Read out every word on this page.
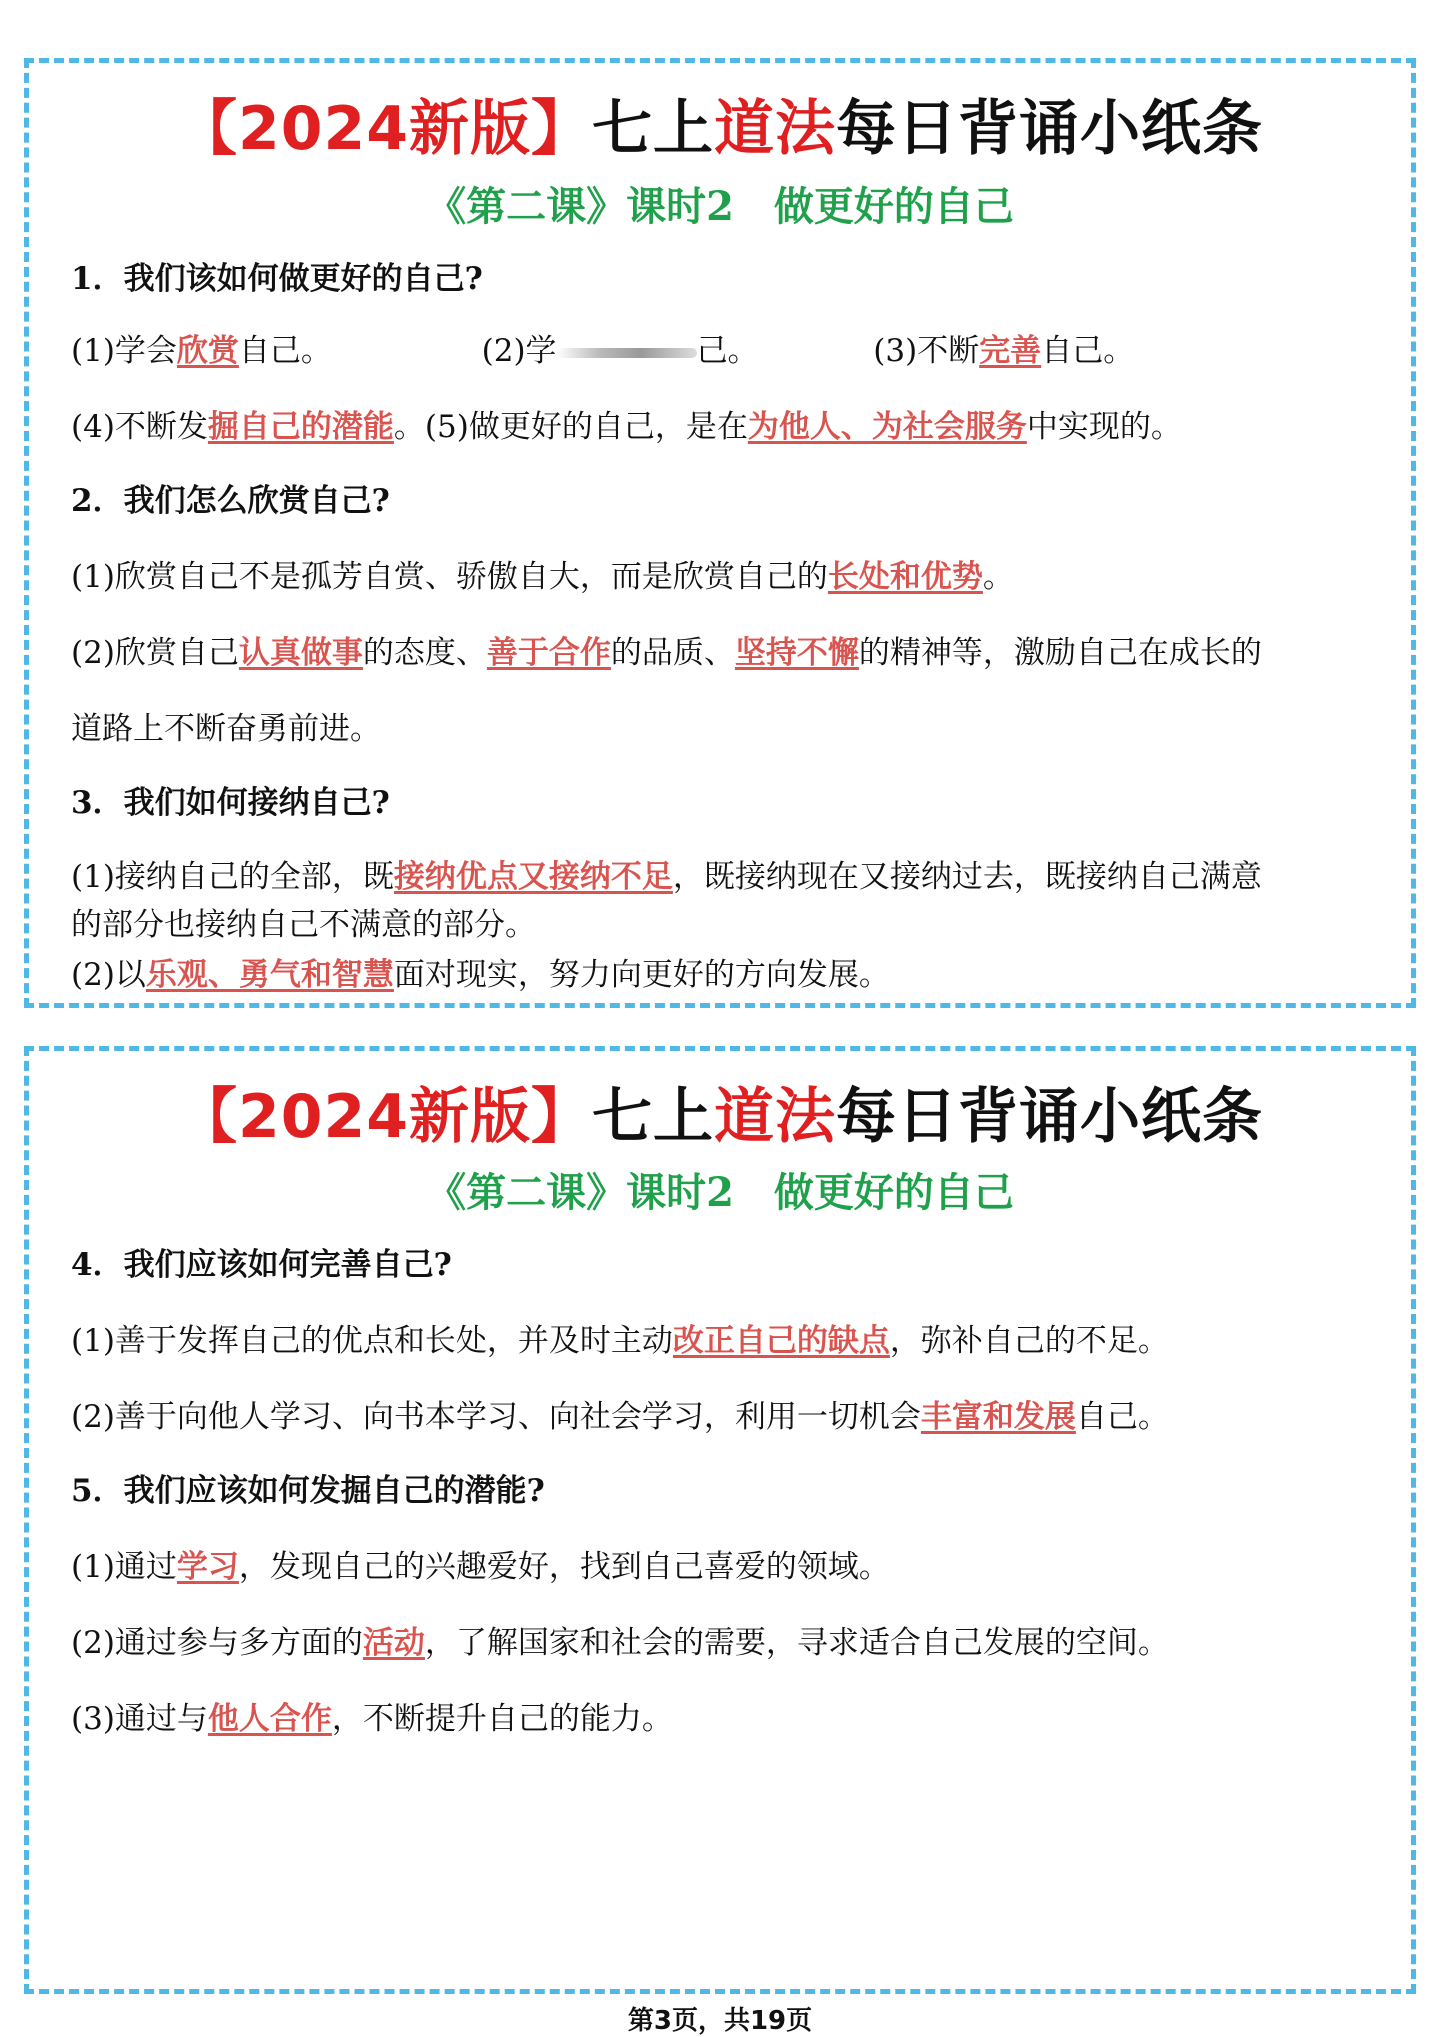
【2024新版】七上道法每日背诵小纸条
《第二课》课时2 做更好的自己
1．我们该如何做更好的自己?
(1)学会欣赏自己。	(2)学	己。	(3)不断完善自己。
(4)不断发掘自己的潜能。(5)做更好的自己，是在为他人、为社会服务中实现的。
2．我们怎么欣赏自己?
(1)欣赏自己不是孤芳自赏、骄傲自大，而是欣赏自己的长处和优势。
(2)欣赏自己认真做事的态度、善于合作的品质、坚持不懈的精神等，激励自己在成长的
道路上不断奋勇前进。
3．我们如何接纳自己?
(1)接纳自己的全部，既接纳优点又接纳不足，既接纳现在又接纳过去，既接纳自己满意
的部分也接纳自己不满意的部分。
(2)以乐观、勇气和智慧面对现实，努力向更好的方向发展。
【2024新版】七上道法每日背诵小纸条
《第二课》课时2 做更好的自己
4．我们应该如何完善自己?
(1)善于发挥自己的优点和长处，并及时主动改正自己的缺点，弥补自己的不足。
(2)善于向他人学习、向书本学习、向社会学习，利用一切机会丰富和发展自己。
5．我们应该如何发掘自己的潜能?
(1)通过学习，发现自己的兴趣爱好，找到自己喜爱的领域。
(2)通过参与多方面的活动，了解国家和社会的需要，寻求适合自己发展的空间。
(3)通过与他人合作，不断提升自己的能力。
第3页，共19页
